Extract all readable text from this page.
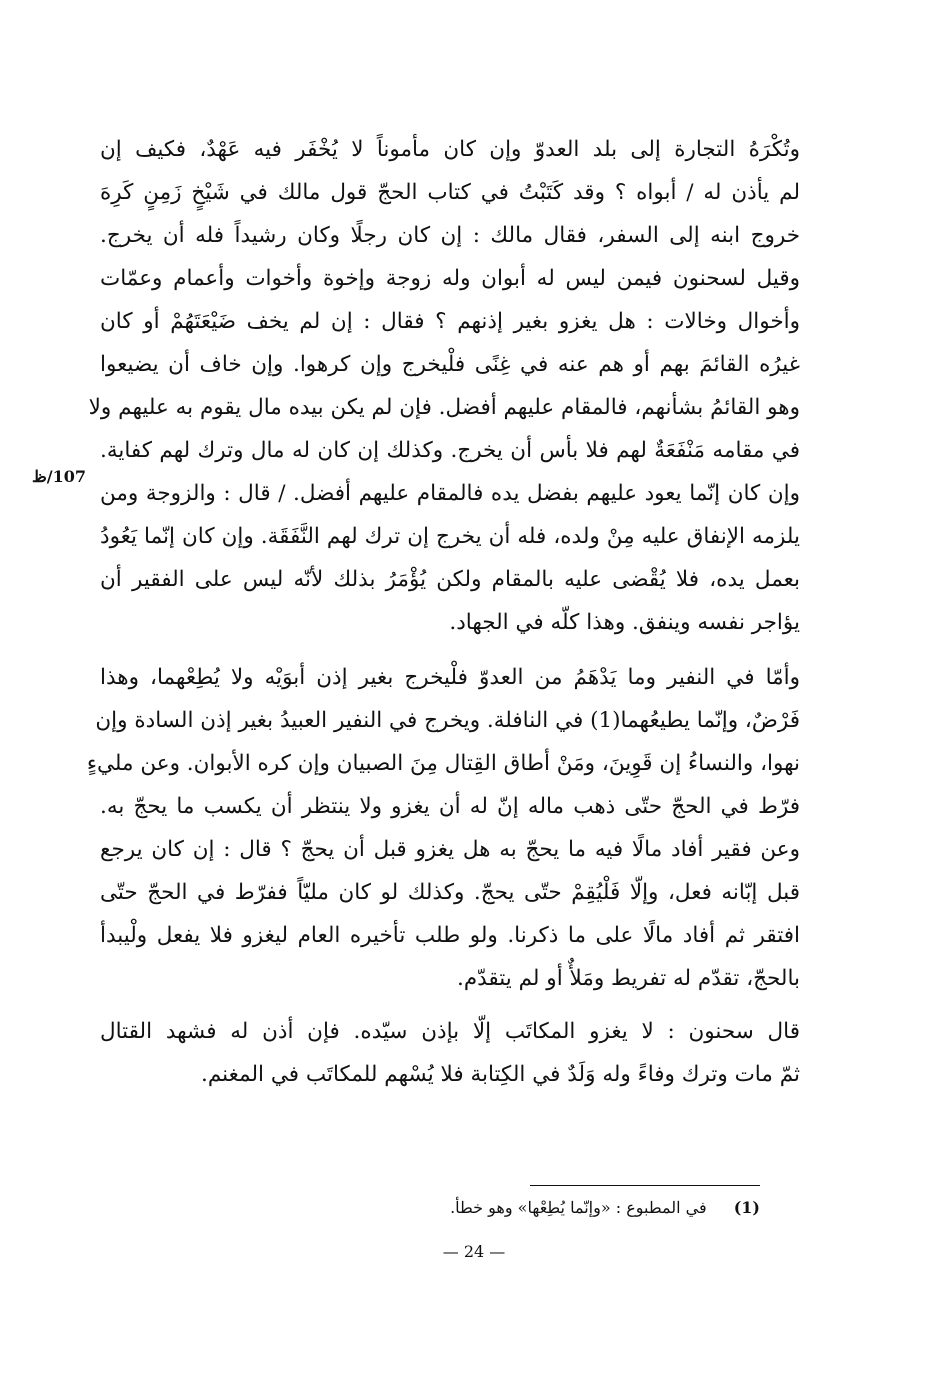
وتُكْرَهُ التجارة إلى بلد العدوّ وإن كان مأموناً لا يُخْفَر فيه عَهْدٌ، فكيف إن
لم يأذن له / أبواه ؟ وقد كَتَبْتُ في كتاب الحجّ قول مالك في شَيْخٍ زَمِنٍ كَرِهَ
خروج ابنه إلى السفر، فقال مالك : إن كان رجلًا وكان رشيداً فله أن يخرج.
وقيل لسحنون فيمن ليس له أبوان وله زوجة وإخوة وأخوات وأعمام وعمّات
وأخوال وخالات : هل يغزو بغير إذنهم ؟ فقال : إن لم يخف ضَيْعَتَهُمْ أو كان
غيرُه القائمَ بهم أو هم عنه في غِنًى فلْيخرج وإن كرهوا. وإن خاف أن يضيعوا
وهو القائمُ بشأنهم، فالمقام عليهم أفضل. فإن لم يكن بيده مال يقوم به عليهم ولا
في مقامه مَنْفَعَةٌ لهم فلا بأس أن يخرج. وكذلك إن كان له مال وترك لهم كفاية.
وإن كان إنّما يعود عليهم بفضل يده فالمقام عليهم أفضل. / قال : والزوجة ومن
يلزمه الإنفاق عليه مِنْ ولده، فله أن يخرج إن ترك لهم النَّفَقَة. وإن كان إنّما يَعُودُ
بعمل يده، فلا يُقْضى عليه بالمقام ولكن يُؤْمَرُ بذلك لأنّه ليس على الفقير أن
يؤاجر نفسه وينفق. وهذا كلّه في الجهاد.
وأمّا في النفير وما يَدْهَمُ من العدوّ فلْيخرج بغير إذن أبوَيْه ولا يُطِعْهما، وهذا
فَرْضٌ، وإنّما يطيعُهما(1) في النافلة. ويخرج في النفير العبيدُ بغير إذن السادة وإن
نهوا، والنساءُ إن قَوِينَ، ومَنْ أطاق القِتال مِنَ الصبيان وإن كره الأبوان. وعن مليءٍ
فرّط في الحجّ حتّى ذهب ماله إنّ له أن يغزو ولا ينتظر أن يكسب ما يحجّ به.
وعن فقير أفاد مالًا فيه ما يحجّ به هل يغزو قبل أن يحجّ ؟ قال : إن كان يرجع
قبل إبّانه فعل، وإلّا فَلْيُقِمْ حتّى يحجّ. وكذلك لو كان مليّاً ففرّط في الحجّ حتّى
افتقر ثم أفاد مالًا على ما ذكرنا. ولو طلب تأخيره العام ليغزو فلا يفعل ولْيبدأ
بالحجّ، تقدّم له تفريط ومَلأٌ أو لم يتقدّم.
قال سحنون : لا يغزو المكاتَب إلّا بإذن سيّده. فإن أذن له فشهد القتال
ثمّ مات وترك وفاءً وله وَلَدٌ في الكِتابة فلا يُسْهم للمكاتَب في المغنم.
107/ظ
(1) في المطبوع : «وإنّما يُطِعْها» وهو خطأ.
— 24 —
